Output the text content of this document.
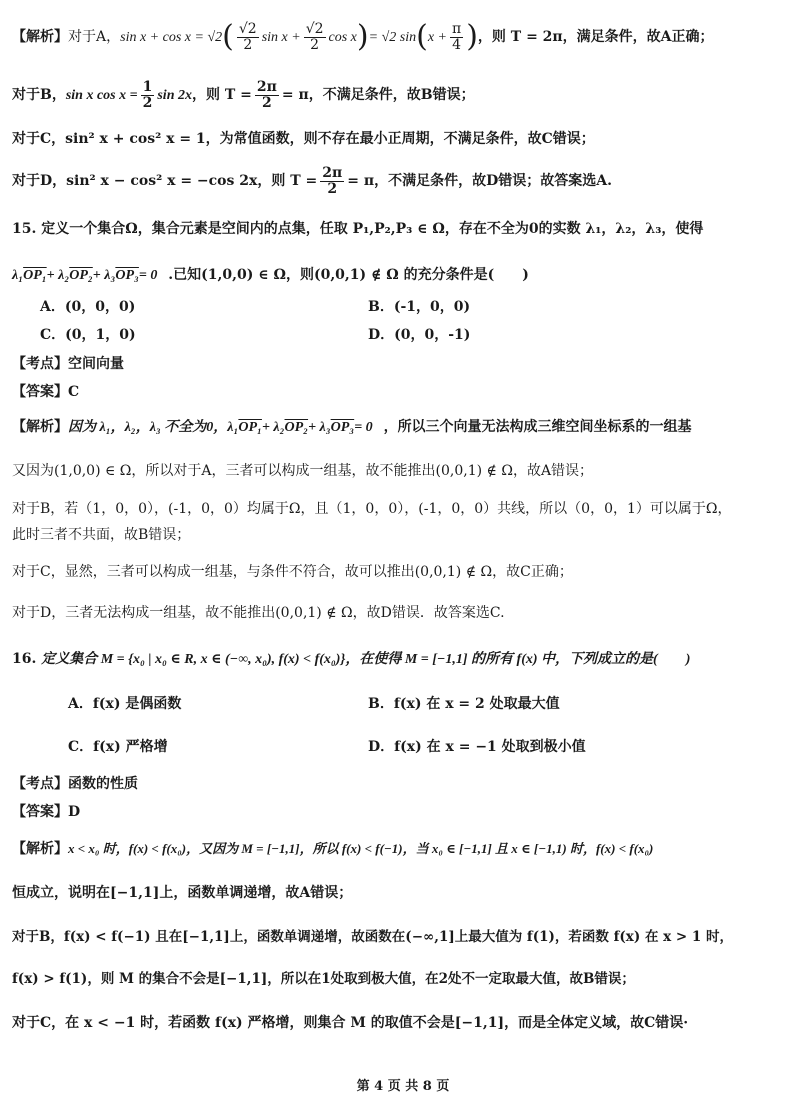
【解析】对于A，$\sin x + \cos x = √2( \frac{√2}{2}$ $\sin x + \frac{√2}{2}$ cos x)= √2 $\sin(x + \frac{\pi}{4}$ )，则 T = 2π，满足条件，故A正确；
对于B，sin x $\cos x = \frac{1}{2}$ sin 2x，则 $T = \frac{2\pi}{2} = \pi$，不满足条件，故B错误；
对于C，sin² x + cos² x = 1，为常值函数，则不存在最小正周期，不满足条件，故C错误；
对于D，sin² x − cos² x = −cos 2x，则 $T = \frac{2\pi}{2} = \pi$，不满足条件，故D错误；故答案选A.
15. 定义一个集合Ω，集合元素是空间内的点集，任取 P₁,P₂,P₃ ∈ Ω，存在不全为0的实数 λ₁，λ₂，λ₃，使得
λ₁OP₁+ λ₂OP₂+ λ₃OP₃= 0⃗.已知(1,0,0) ∈ Ω，则(0,0,1) ∉ Ω 的充分条件是(　　)
A．(0，0，0)	B．(-1，0，0)
C．(0，1，0)	D．(0，0，-1)
【考点】空间向量
【答案】C
【解析】因为 λ₁，λ₂，λ₃ 不全为0，λ₁OP₁+ λ₂OP₂+ λ₃OP₃= 0⃗，所以三个向量无法构成三维空间坐标系的一组基
又因为(1,0,0) ∈ Ω，所以对于A，三者可以构成一组基，故不能推出(0,0,1) ∉ Ω，故A错误；
对于B，若（1，0，0），(-1，0，0）均属于Ω，且（1，0，0），(-1，0，0）共线，所以（0，0，1）可以属于Ω，
此时三者不共面，故B错误；
对于C，显然，三者可以构成一组基，与条件不符合，故可以推出(0,0,1) ∉ Ω，故C正确；
对于D，三者无法构成一组基，故不能推出(0,0,1) ∉ Ω，故D错误．故答案选C.
16. 定义集合 M = {x₀ | x₀ ∈ R, x ∈ (−∞, x₀), f(x) < f(x₀)}，在使得 M = [−1,1] 的所有 f(x) 中，下列成立的是(　　)
A．f(x) 是偶函数	B．f(x) 在 x = 2 处取最大值
C．f(x) 严格增	D．f(x) 在 x = −1 处取到极小值
【考点】函数的性质
【答案】D
【解析】x < x₀ 时，f(x) < f(x₀)，又因为 M = [−1,1]，所以 f(x) < f(−1)，当 x₀ ∈ [−1,1] 且 x ∈ [−1,1) 时，f(x) < f(x₀)
恒成立，说明在[−1,1]上，函数单调递增，故A错误；
对于B，f(x) < f(−1) 且在[−1,1]上，函数单调递增，故函数在(−∞,1]上最大值为 f(1)，若函数 f(x) 在 x > 1 时，
f(x) > f(1)，则 M 的集合不会是[−1,1]，所以在1处取到极大值，在2处不一定取最大值，故B错误；
对于C，在 x < −1 时，若函数 f(x) 严格增，则集合 M 的取值不会是[−1,1]，而是全体定义域，故C错误·
第 4 页 共 8 页
